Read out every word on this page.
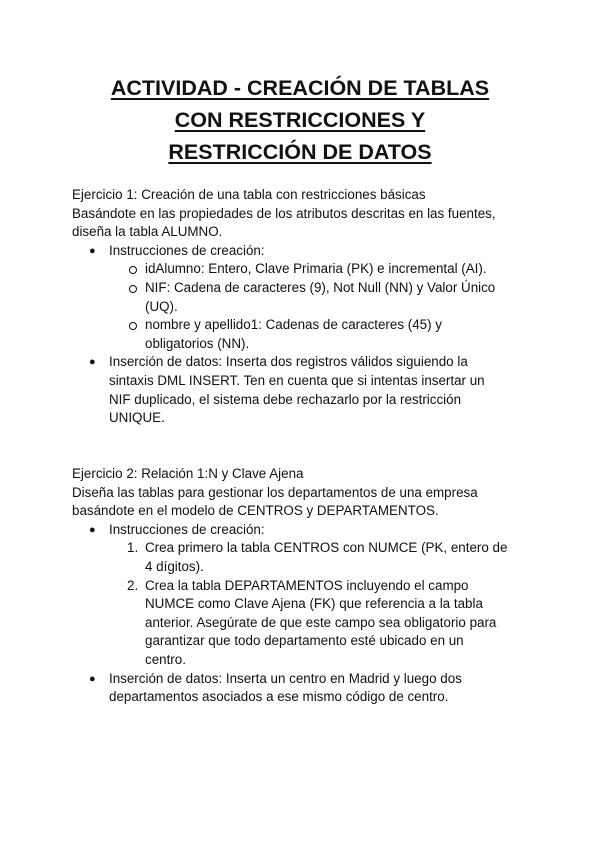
ACTIVIDAD - CREACIÓN DE TABLAS
CON RESTRICCIONES Y
RESTRICCIÓN DE DATOS
Ejercicio 1: Creación de una tabla con restricciones básicas
Basándote en las propiedades de los atributos descritas en las fuentes,
diseña la tabla ALUMNO.
● Instrucciones de creación:
idAlumno: Entero, Clave Primaria (PK) e incremental (AI).
NIF: Cadena de caracteres (9), Not Null (NN) y Valor Único
(UQ).
nombre y apellido1: Cadenas de caracteres (45) y
obligatorios (NN).
● Inserción de datos: Inserta dos registros válidos siguiendo la
sintaxis DML INSERT. Ten en cuenta que si intentas insertar un
NIF duplicado, el sistema debe rechazarlo por la restricción
UNIQUE.
Ejercicio 2: Relación 1:N y Clave Ajena
Diseña las tablas para gestionar los departamentos de una empresa
basándote en el modelo de CENTROS y DEPARTAMENTOS.
● Instrucciones de creación:
1. Crea primero la tabla CENTROS con NUMCE (PK, entero de
4 dígitos).
2. Crea la tabla DEPARTAMENTOS incluyendo el campo
NUMCE como Clave Ajena (FK) que referencia a la tabla
anterior. Asegúrate de que este campo sea obligatorio para
garantizar que todo departamento esté ubicado en un
centro.
● Inserción de datos: Inserta un centro en Madrid y luego dos
departamentos asociados a ese mismo código de centro.
